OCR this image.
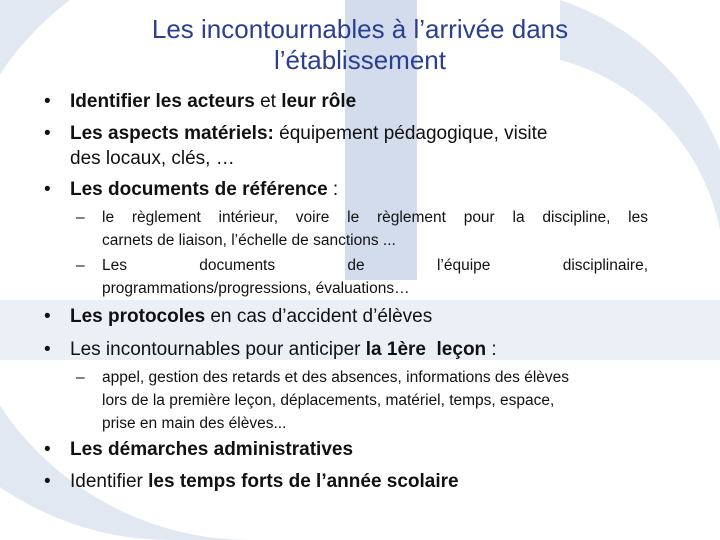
Les incontournables à l’arrivée dans
l’établissement
• Identifier les acteurs et leur rôle
• Les aspects matériels: équipement pédagogique, visite
des locaux, clés, …
• Les documents de référence :
– le règlement intérieur, voire le règlement pour la discipline, les
carnets de liaison, l’échelle de sanctions ...
– Les documents de l’équipe disciplinaire,
programmations/progressions, évaluations…
• Les protocoles en cas d’accident d’élèves
• Les incontournables pour anticiper la 1ère  leçon :
– appel, gestion des retards et des absences, informations des élèves
lors de la première leçon, déplacements, matériel, temps, espace,
prise en main des élèves...
• Les démarches administratives
• Identifier les temps forts de l’année scolaire
